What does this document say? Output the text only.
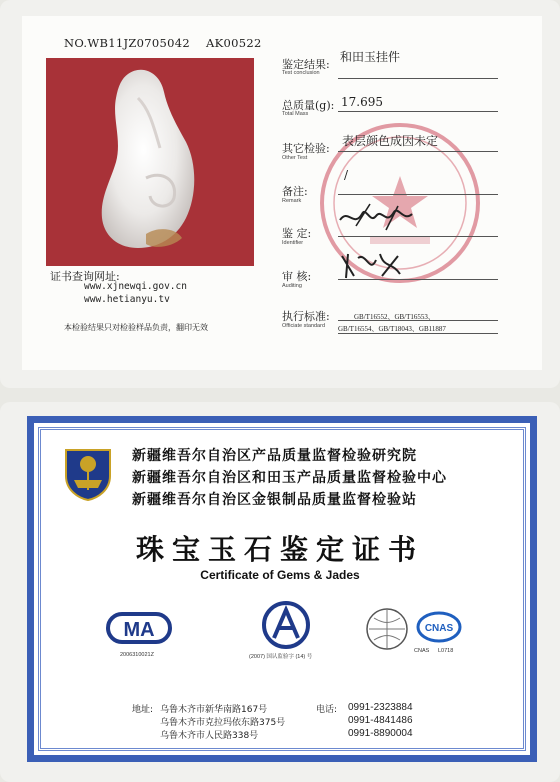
NO.WB11JZ0705042 AK00522
证书查询网址:
www.xjnewqi.gov.cn
www.hetianyu.tv
本检验结果只对检验样品负责，翻印无效
鉴定结果:
和田玉挂件
Test conclusion
总质量(g): 17.695
Total Mass
其它检验:
表层颜色成因未定
Other Test
备注:
/
Remark
鉴 定:
Identifier
审 核:
Auditing
执行标准:	GB/T16552、GB/T16553、
Officiate standard GB/T16554、GB/T18043、GB11887
新疆维吾尔自治区产品质量监督检验研究院
新疆维吾尔自治区和田玉产品质量监督检验中心
新疆维吾尔自治区金银制品质量监督检验站
珠宝玉石鉴定证书
Certificate of Gems & Jades
MA
2006310021Z	(2007) 国认监验字 (14) 号
CNAS
CNAS L0718
地址: 乌鲁木齐市新华南路167号
乌鲁木齐市克拉玛依东路375号
乌鲁木齐市人民路338号
电话: 0991-2323884
0991-4841486
0991-8890004
